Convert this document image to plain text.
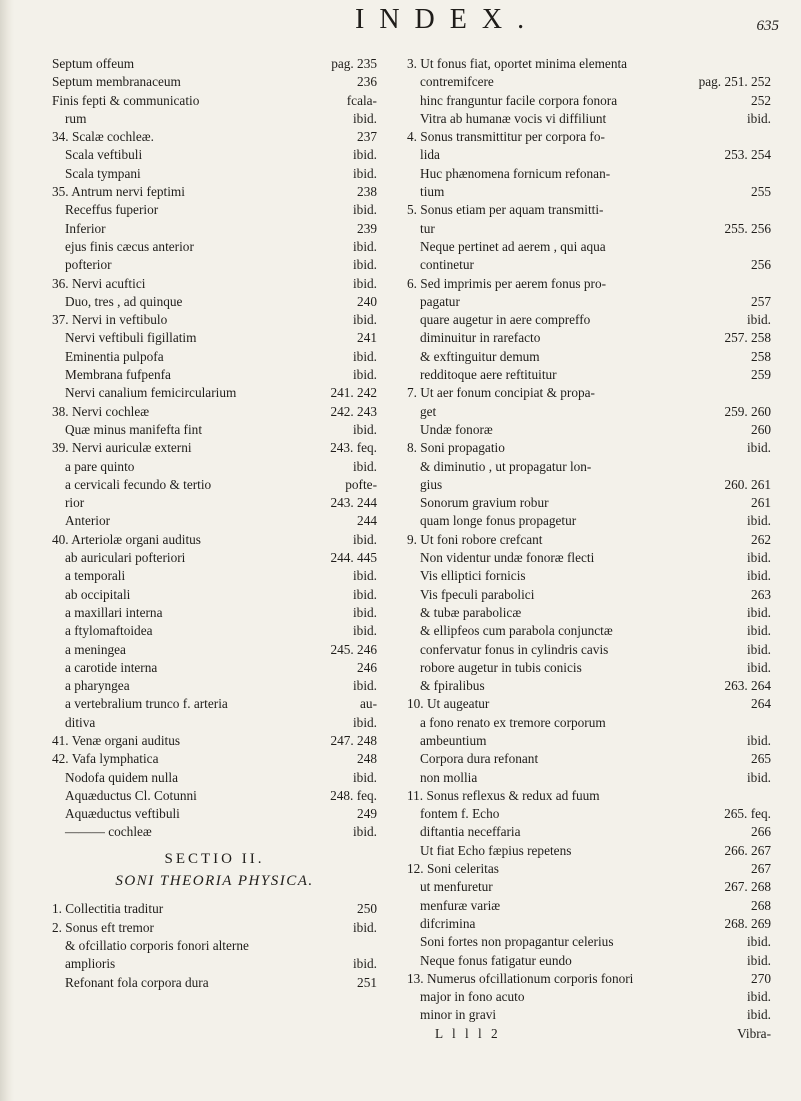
INDEX.	635
Septum offeum	pag. 235
Septum membranaceum	236
Finis fepti & communicatio	fcala-
rum	ibid.
34. Scalæ cochleæ.	237
Scala veftibuli	ibid.
Scala tympani	ibid.
35. Antrum nervi feptimi	238
Receffus fuperior	ibid.
Inferior	239
ejus finis cæcus anterior	ibid.
pofterior	ibid.
36. Nervi acuftici	ibid.
Duo, tres , ad quinque	240
37. Nervi in veftibulo	ibid.
Nervi veftibuli figillatim	241
Eminentia pulpofa	ibid.
Membrana fufpenfa	ibid.
Nervi canalium femicircularium	241. 242
38. Nervi cochleæ	242. 243
Quæ minus manifefta fint	ibid.
39. Nervi auriculæ externi	243. feq.
a pare quinto	ibid.
a cervicali fecundo & tertio	pofte-
rior	243. 244
Anterior	244
40. Arteriolæ organi auditus	ibid.
ab auriculari pofteriori	244. 445
a temporali	ibid.
ab occipitali	ibid.
a maxillari interna	ibid.
a ftylomaftoidea	ibid.
a meningea	245. 246
a carotide interna	246
a pharyngea	ibid.
a vertebralium trunco f. arteria	au-
ditiva	ibid.
41. Venæ organi auditus	247. 248
42. Vafa lymphatica	248
Nodofa quidem nulla	ibid.
Aquæductus Cl. Cotunni	248. feq.
Aquæductus veftibuli	249
——— cochleæ	ibid.
SECTIO II.
SONI THEORIA PHYSICA.
1. Collectitia traditur	250
2. Sonus eft tremor	ibid.
& ofcillatio corporis fonori alterne
amplioris	ibid.
Refonant fola corpora dura	251
3. Ut fonus fiat, oportet minima elementa
contremifcere	pag. 251. 252
hinc franguntur facile corpora fonora	252
Vitra ab humanæ vocis vi diffiliunt	ibid.
4. Sonus transmittitur per corpora fo-
lida	253. 254
Huc phænomena fornicum refonan-
tium	255
5. Sonus etiam per aquam transmitti-
tur	255. 256
Neque pertinet ad aerem , qui aqua
continetur	256
6. Sed imprimis per aerem fonus pro-
pagatur	257
quare augetur in aere compreffo	ibid.
diminuitur in rarefacto	257. 258
& exftinguitur demum	258
redditoque aere reftituitur	259
7. Ut aer fonum concipiat & propa-
get	259. 260
Undæ fonoræ	260
8. Soni propagatio	ibid.
& diminutio , ut propagatur lon-
gius	260. 261
Sonorum gravium robur	261
quam longe fonus propagetur	ibid.
9. Ut foni robore crefcant	262
Non videntur undæ fonoræ flecti	ibid.
Vis elliptici fornicis	ibid.
Vis fpeculi parabolici	263
& tubæ parabolicæ	ibid.
& ellipfeos cum parabola conjunctæ	ibid.
confervatur fonus in cylindris cavis	ibid.
robore augetur in tubis conicis	ibid.
& fpiralibus	263. 264
10. Ut augeatur	264
a fono renato ex tremore corporum
ambeuntium	ibid.
Corpora dura refonant	265
non mollia	ibid.
11. Sonus reflexus & redux ad fuum
fontem f. Echo	265. feq.
diftantia neceffaria	266
Ut fiat Echo fæpius repetens	266. 267
12. Soni celeritas	267
ut menfuretur	267. 268
menfuræ variæ	268
difcrimina	268. 269
Soni fortes non propagantur celerius	ibid.
Neque fonus fatigatur eundo	ibid.
13. Numerus ofcillationum corporis fonori	270
major in fono acuto	ibid.
minor in gravi	ibid.
L l l l 2	Vibra-
